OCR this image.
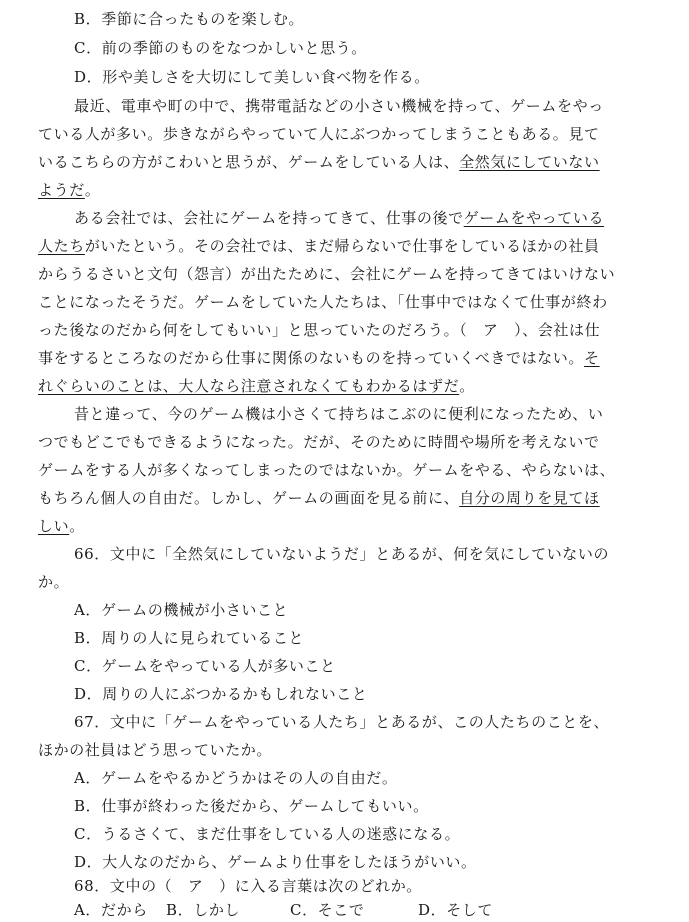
B．季節に合ったものを楽しむ。
C．前の季節のものをなつかしいと思う。
D．形や美しさを大切にして美しい食べ物を作る。
最近、電車や町の中で、携帯電話などの小さい機械を持って、ゲームをやっ
ている人が多い。歩きながらやっていて人にぶつかってしまうこともある。見て
いるこちらの方がこわいと思うが、ゲームをしている人は、全然気にしていない
ようだ。
ある会社では、会社にゲームを持ってきて、仕事の後でゲームをやっている
人たちがいたという。その会社では、まだ帰らないで仕事をしているほかの社員
からうるさいと文句（怨言）が出たために、会社にゲームを持ってきてはいけない
ことになったそうだ。ゲームをしていた人たちは、「仕事中ではなくて仕事が終わ
った後なのだから何をしてもいい」と思っていたのだろう。（　ア　）、会社は仕
事をするところなのだから仕事に関係のないものを持っていくべきではない。そ
れぐらいのことは、大人なら注意されなくてもわかるはずだ。
昔と違って、今のゲーム機は小さくて持ちはこぶのに便利になったため、い
つでもどこでもできるようになった。だが、そのために時間や場所を考えないで
ゲームをする人が多くなってしまったのではないか。ゲームをやる、やらないは、
もちろん個人の自由だ。しかし、ゲームの画面を見る前に、自分の周りを見てほ
しい。
66．文中に「全然気にしていないようだ」とあるが、何を気にしていないの
か。
A．ゲームの機械が小さいこと
B．周りの人に見られていること
C．ゲームをやっている人が多いこと
D．周りの人にぶつかるかもしれないこと
67．文中に「ゲームをやっている人たち」とあるが、この人たちのことを、
ほかの社員はどう思っていたか。
A．ゲームをやるかどうかはその人の自由だ。
B．仕事が終わった後だから、ゲームしてもいい。
C．うるさくて、まだ仕事をしている人の迷惑になる。
D．大人なのだから、ゲームより仕事をしたほうがいい。
68．文中の（　ア　）に入る言葉は次のどれか。
A．だから B．しかし	C．そこで	D．そして
